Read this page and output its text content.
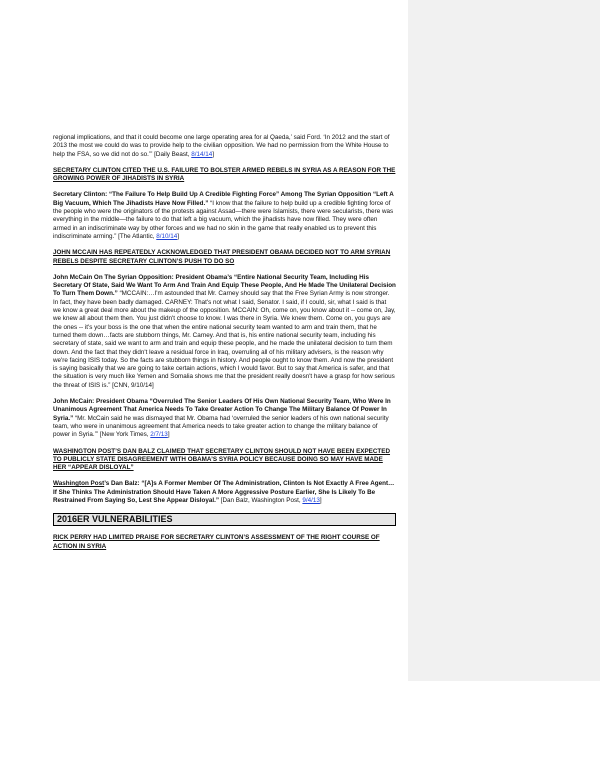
regional implications, and that it could become one large operating area for al Qaeda,’ said Ford. ‘In 2012 and the start of 2013 the most we could do was to provide help to the civilian opposition. We had no permission from the White House to help the FSA, so we did not do so.’” [Daily Beast, 8/14/14]

SECRETARY CLINTON CITED THE U.S. FAILURE TO BOLSTER ARMED REBELS IN SYRIA AS A REASON FOR THE GROWING POWER OF JIHADISTS IN SYRIA

Secretary Clinton: “The Failure To Help Build Up A Credible Fighting Force” Among The Syrian Opposition “Left A Big Vacuum, Which The Jihadists Have Now Filled.” “I know that the failure to help build up a credible fighting force of the people who were the originators of the protests against Assad—there were Islamists, there were secularists, there was everything in the middle—the failure to do that left a big vacuum, which the jihadists have now filled. They were often armed in an indiscriminate way by other forces and we had no skin in the game that really enabled us to prevent this indiscriminate arming.” [The Atlantic, 8/10/14]

JOHN MCCAIN HAS REPEATEDLY ACKNOWLEDGED THAT PRESIDENT OBAMA DECIDED NOT TO ARM SYRIAN REBELS DESPITE SECRETARY CLINTON’S PUSH TO DO SO

John McCain On The Syrian Opposition: President Obama’s “Entire National Security Team, Including His Secretary Of State, Said We Want To Arm And Train And Equip These People, And He Made The Unilateral Decision To Turn Them Down.” “MCCAIN:…I'm astounded that Mr. Carney should say that the Free Syrian Army is now stronger. In fact, they have been badly damaged. CARNEY: That's not what I said, Senator. I said, if I could, sir, what I said is that we know a great deal more about the makeup of the opposition. MCCAIN: Oh, come on, you know about it -- come on, Jay, we knew all about them then. You just didn't choose to know. I was there in Syria. We knew them. Come on, you guys are the ones -- it's your boss is the one that when the entire national security team wanted to arm and train them, that he turned them down…facts are stubborn things, Mr. Carney. And that is, his entire national security team, including his secretary of state, said we want to arm and train and equip these people, and he made the unilateral decision to turn them down. And the fact that they didn't leave a residual force in Iraq, overruling all of his military advisers, is the reason why we're facing ISIS today. So the facts are stubborn things in history. And people ought to know them. And now the president is saying basically that we are going to take certain actions, which I would favor. But to say that America is safer, and that the situation is very much like Yemen and Somalia shows me that the president really doesn't have a grasp for how serious the threat of ISIS is.” [CNN, 9/10/14]

John McCain: President Obama “Overruled The Senior Leaders Of His Own National Security Team, Who Were In Unanimous Agreement That America Needs To Take Greater Action To Change The Military Balance Of Power In Syria.” “Mr. McCain said he was dismayed that Mr. Obama had ‘overruled the senior leaders of his own national security team, who were in unanimous agreement that America needs to take greater action to change the military balance of power in Syria.’” [New York Times, 2/7/13]

WASHINGTON POST’S DAN BALZ CLAIMED THAT SECRETARY CLINTON SHOULD NOT HAVE BEEN EXPECTED TO PUBLICLY STATE DISAGREEMENT WITH OBAMA’S SYRIA POLICY BECAUSE DOING SO MAY HAVE MADE HER “APPEAR DISLOYAL”

Washington Post’s Dan Balz: “[A]s A Former Member Of The Administration, Clinton Is Not Exactly A Free Agent…If She Thinks The Administration Should Have Taken A More Aggressive Posture Earlier, She Is Likely To Be Restrained From Saying So, Lest She Appear Disloyal.” [Dan Balz, Washington Post, 9/4/13]

2016ER VULNERABILITIES

RICK PERRY HAD LIMITED PRAISE FOR SECRETARY CLINTON’S ASSESSMENT OF THE RIGHT COURSE OF ACTION IN SYRIA
